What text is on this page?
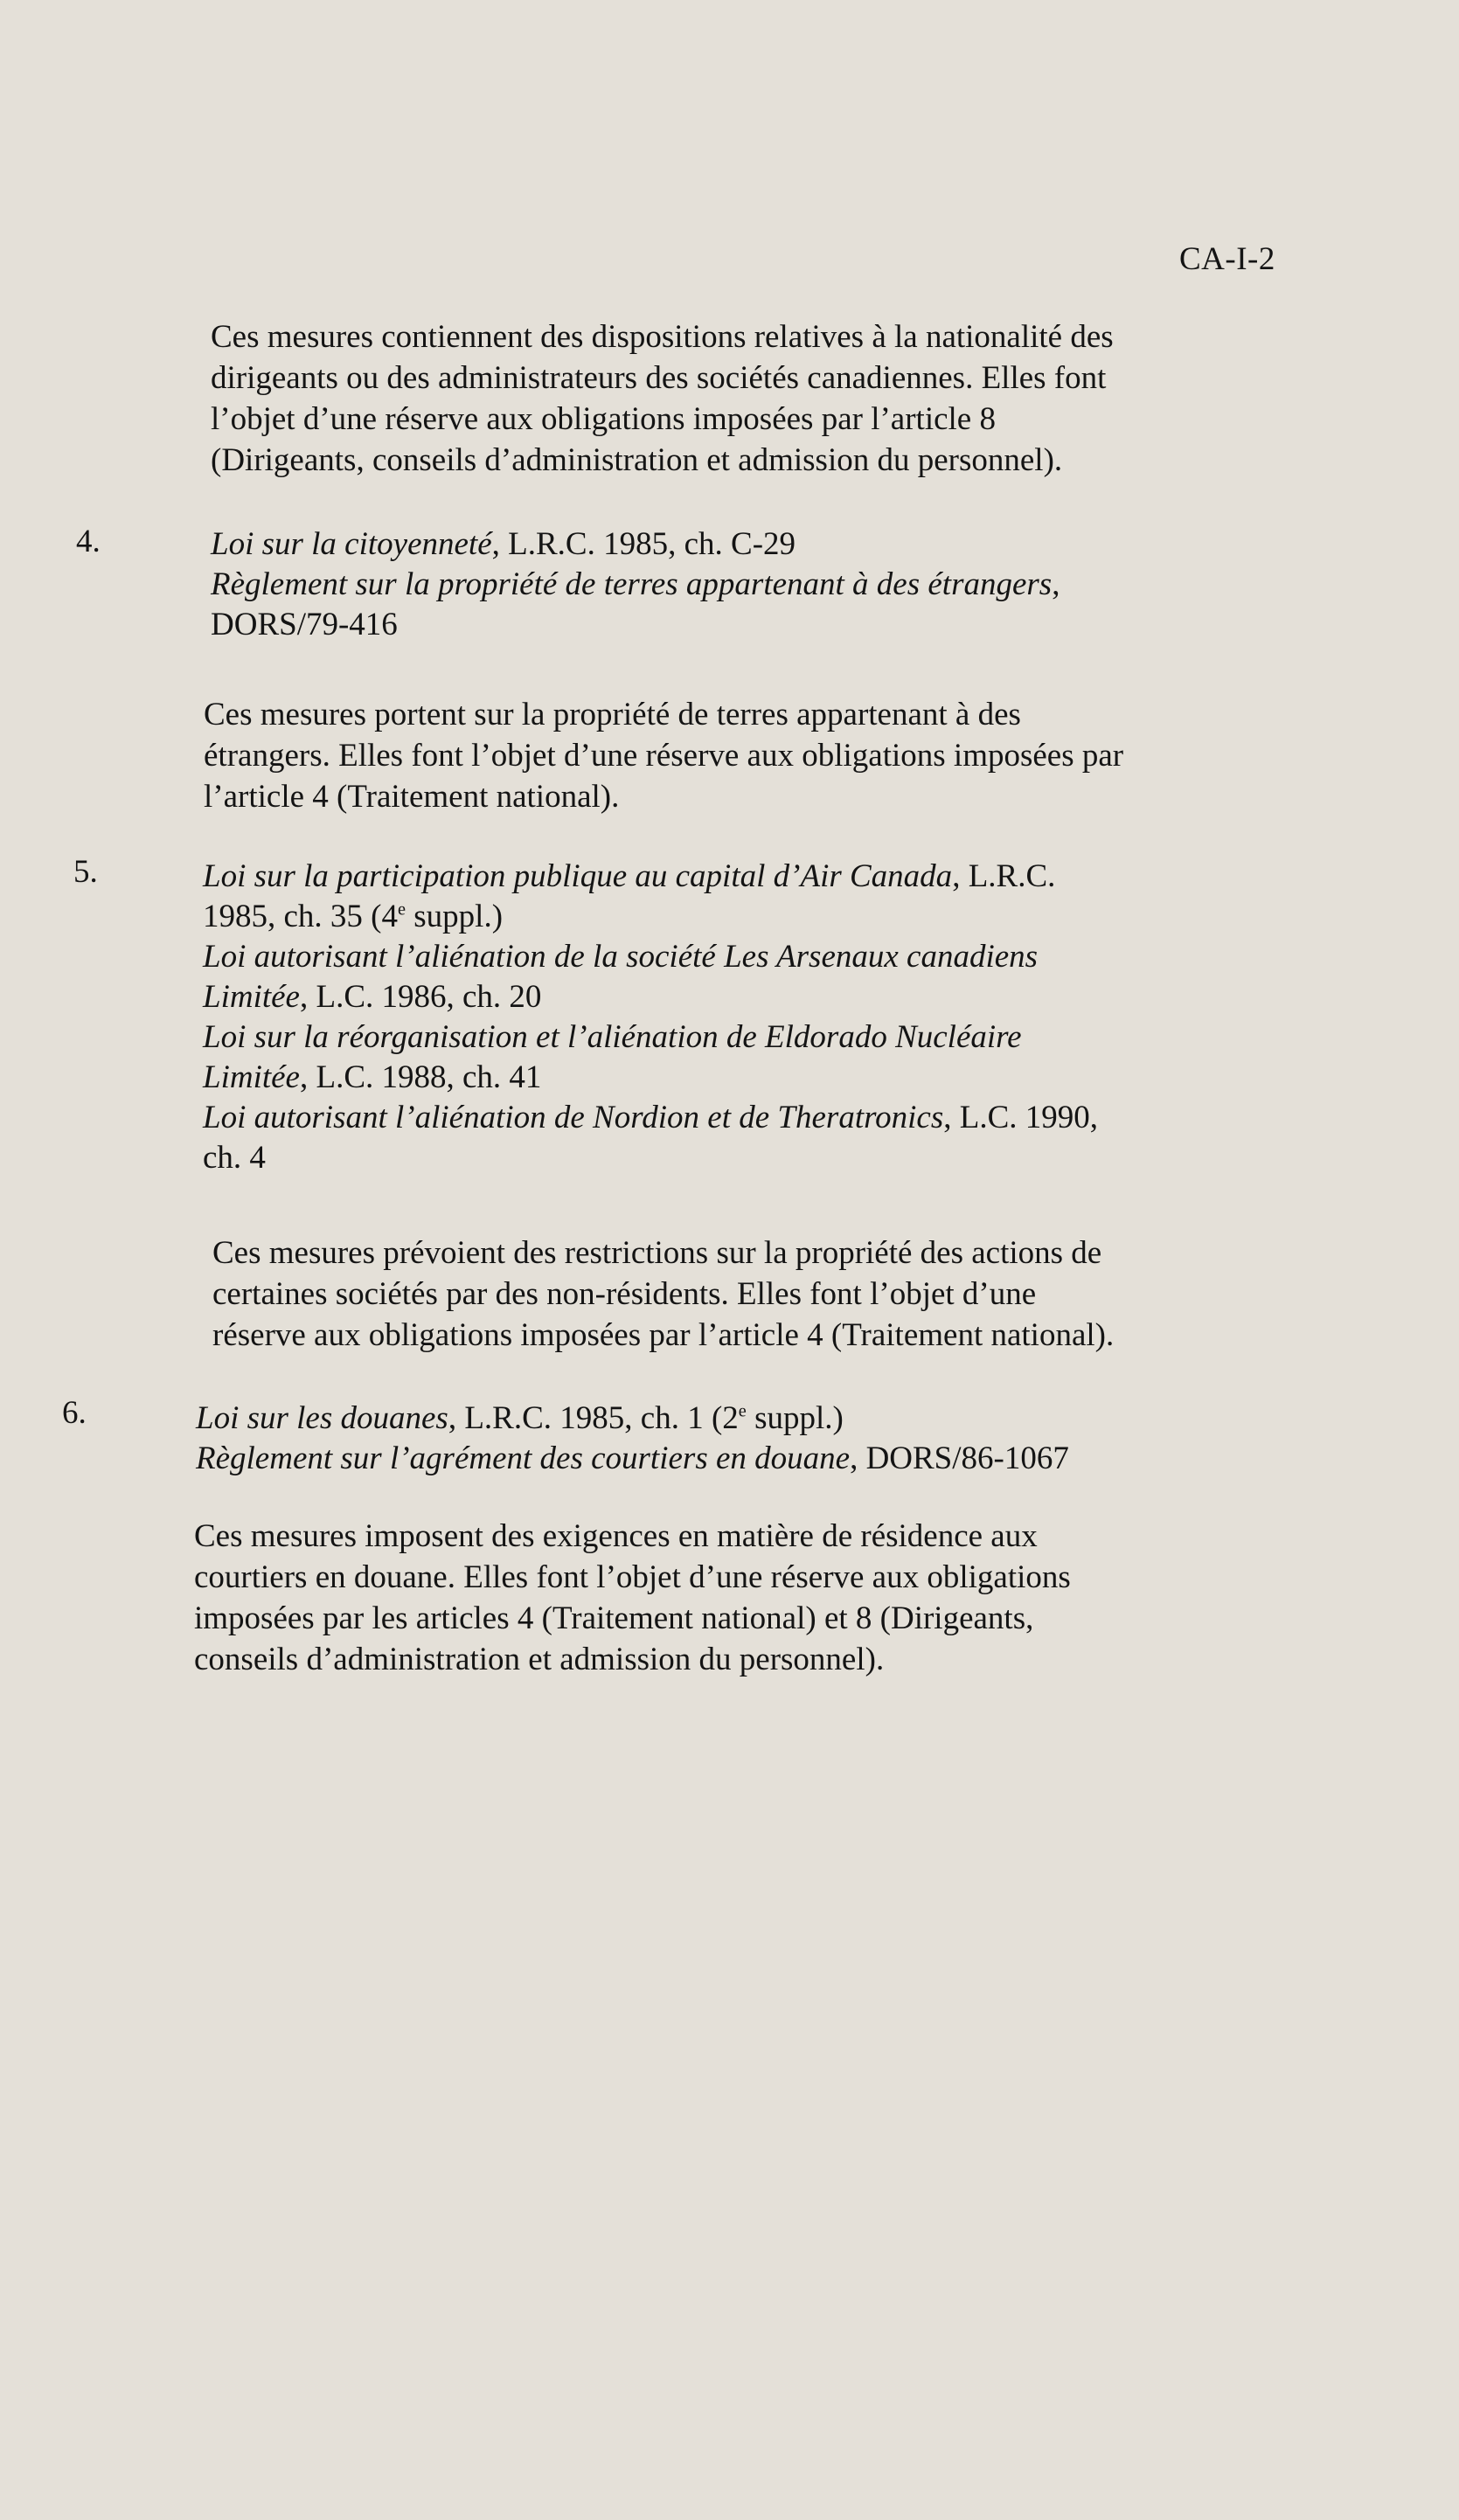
CA-I-2
Ces mesures contiennent des dispositions relatives à la nationalité des
dirigeants ou des administrateurs des sociétés canadiennes. Elles font
l’objet d’une réserve aux obligations imposées par l’article 8
(Dirigeants, conseils d’administration et admission du personnel).
4.	Loi sur la citoyenneté, L.R.C. 1985, ch. C-29
Règlement sur la propriété de terres appartenant à des étrangers,
DORS/79-416
Ces mesures portent sur la propriété de terres appartenant à des
étrangers. Elles font l’objet d’une réserve aux obligations imposées par
l’article 4 (Traitement national).
5.	Loi sur la participation publique au capital d’Air Canada, L.R.C.
1985, ch. 35 (4e suppl.)
Loi autorisant l’aliénation de la société Les Arsenaux canadiens
Limitée, L.C. 1986, ch. 20
Loi sur la réorganisation et l’aliénation de Eldorado Nucléaire
Limitée, L.C. 1988, ch. 41
Loi autorisant l’aliénation de Nordion et de Theratronics, L.C. 1990,
ch. 4
Ces mesures prévoient des restrictions sur la propriété des actions de
certaines sociétés par des non-résidents. Elles font l’objet d’une
réserve aux obligations imposées par l’article 4 (Traitement national).
6.	Loi sur les douanes, L.R.C. 1985, ch. 1 (2e suppl.)
Règlement sur l’agrément des courtiers en douane, DORS/86-1067
Ces mesures imposent des exigences en matière de résidence aux
courtiers en douane. Elles font l’objet d’une réserve aux obligations
imposées par les articles 4 (Traitement national) et 8 (Dirigeants,
conseils d’administration et admission du personnel).
